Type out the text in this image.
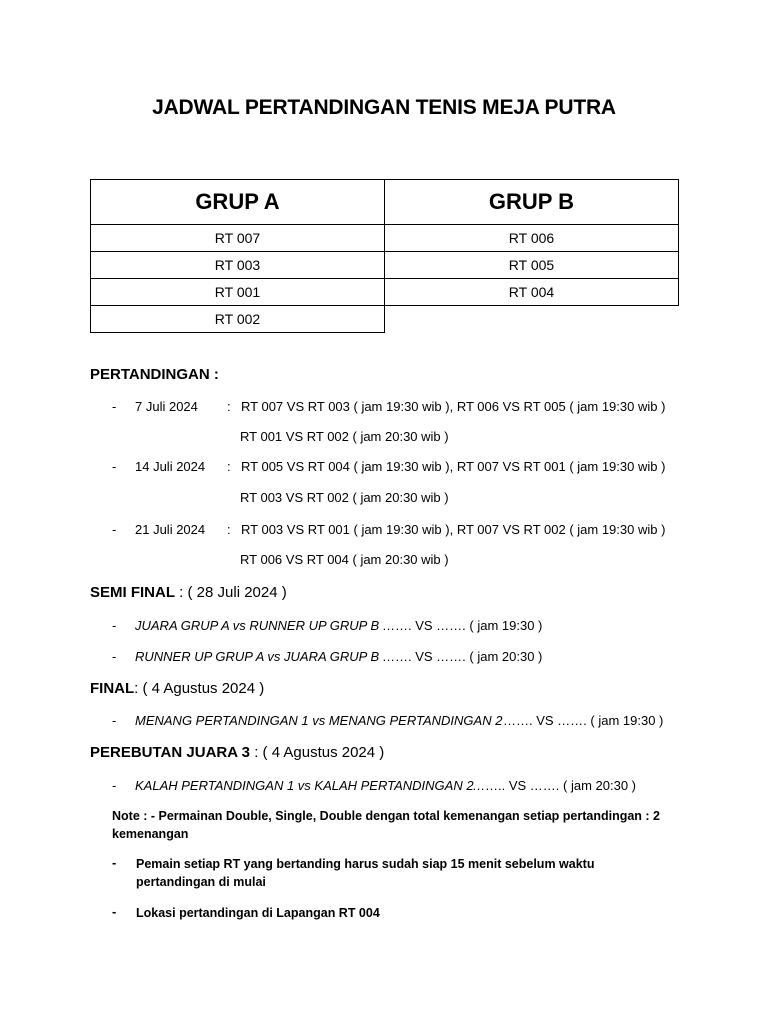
JADWAL PERTANDINGAN TENIS MEJA PUTRA
GRUP A	GRUP B
RT 007	RT 006
RT 003	RT 005
RT 001	RT 004
RT 002	
PERTANDINGAN :
- 7 Juli 2024 : RT 007 VS RT 003 ( jam 19:30 wib ), RT 006 VS RT 005 ( jam 19:30 wib )
RT 001 VS RT 002 ( jam 20:30 wib )
- 14 Juli 2024 : RT 005 VS RT 004 ( jam 19:30 wib ), RT 007 VS RT 001 ( jam 19:30 wib )
RT 003 VS RT 002 ( jam 20:30 wib )
- 21 Juli 2024 : RT 003 VS RT 001 ( jam 19:30 wib ), RT 007 VS RT 002 ( jam 19:30 wib )
RT 006 VS RT 004 ( jam 20:30 wib )
SEMI FINAL : ( 28 Juli 2024 )
- JUARA GRUP A vs RUNNER UP GRUP B ……. VS ……. ( jam 19:30 )
- RUNNER UP GRUP A vs JUARA GRUP B ……. VS ……. ( jam 20:30 )
FINAL: ( 4 Agustus 2024 )
- MENANG PERTANDINGAN 1 vs MENANG PERTANDINGAN 2 ……. VS ……. ( jam 19:30 )
PEREBUTAN JUARA 3 : ( 4 Agustus 2024 )
- KALAH PERTANDINGAN 1 vs KALAH PERTANDINGAN 2
…….. VS ……. ( jam 20:30 )
Note : - Permainan Double, Single, Double dengan total kemenangan setiap pertandingan : 2 kemenangan
- Pemain setiap RT yang bertanding harus sudah siap 15 menit sebelum waktu pertandingan di mulai
- Lokasi pertandingan di Lapangan RT 004
